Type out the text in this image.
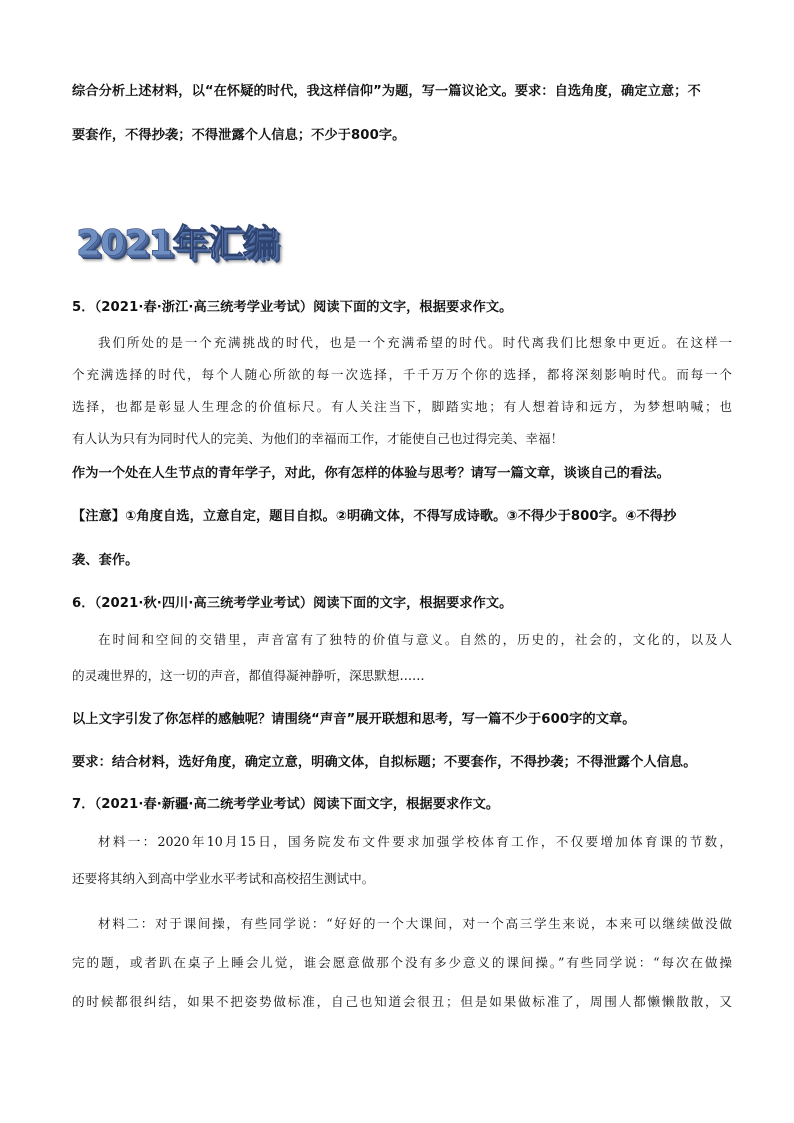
综合分析上述材料，以“在怀疑的时代，我这样信仰”为题，写一篇议论文。要求：自选角度，确定立意；不
要套作，不得抄袭；不得泄露个人信息；不少于800字。
2021年汇编
5．（2021·春·浙江·高三统考学业考试）阅读下面的文字，根据要求作文。
我们所处的是一个充满挑战的时代，也是一个充满希望的时代。时代离我们比想象中更近。在这样一
个充满选择的时代，每个人随心所欲的每一次选择，千千万万个你的选择，都将深刻影响时代。而每一个
选择，也都是彰显人生理念的价值标尺。有人关注当下，脚踏实地；有人想着诗和远方，为梦想呐喊；也
有人认为只有为同时代人的完美、为他们的幸福而工作，才能使自己也过得完美、幸福！
作为一个处在人生节点的青年学子，对此，你有怎样的体验与思考？请写一篇文章，谈谈自己的看法。
【注意】①角度自选，立意自定，题目自拟。②明确文体，不得写成诗歌。③不得少于800字。④不得抄
袭、套作。
6．（2021·秋·四川·高三统考学业考试）阅读下面的文字，根据要求作文。
在时间和空间的交错里，声音富有了独特的价值与意义。自然的，历史的，社会的，文化的，以及人
的灵魂世界的，这一切的声音，都值得凝神静听，深思默想……
以上文字引发了你怎样的感触呢？请围绕“声音”展开联想和思考，写一篇不少于600字的文章。
要求：结合材料，选好角度，确定立意，明确文体，自拟标题；不要套作，不得抄袭；不得泄露个人信息。
7．（2021·春·新疆·高二统考学业考试）阅读下面文字，根据要求作文。
材料一：2020年10月15日，国务院发布文件要求加强学校体育工作，不仅要增加体育课的节数，
还要将其纳入到高中学业水平考试和高校招生测试中。
材料二：对于课间操，有些同学说：“好好的一个大课间，对一个高三学生来说，本来可以继续做没做
完的题，或者趴在桌子上睡会儿觉，谁会愿意做那个没有多少意义的课间操。”有些同学说：“每次在做操
的时候都很纠结，如果不把姿势做标准，自己也知道会很丑；但是如果做标准了，周围人都懒懒散散，又
